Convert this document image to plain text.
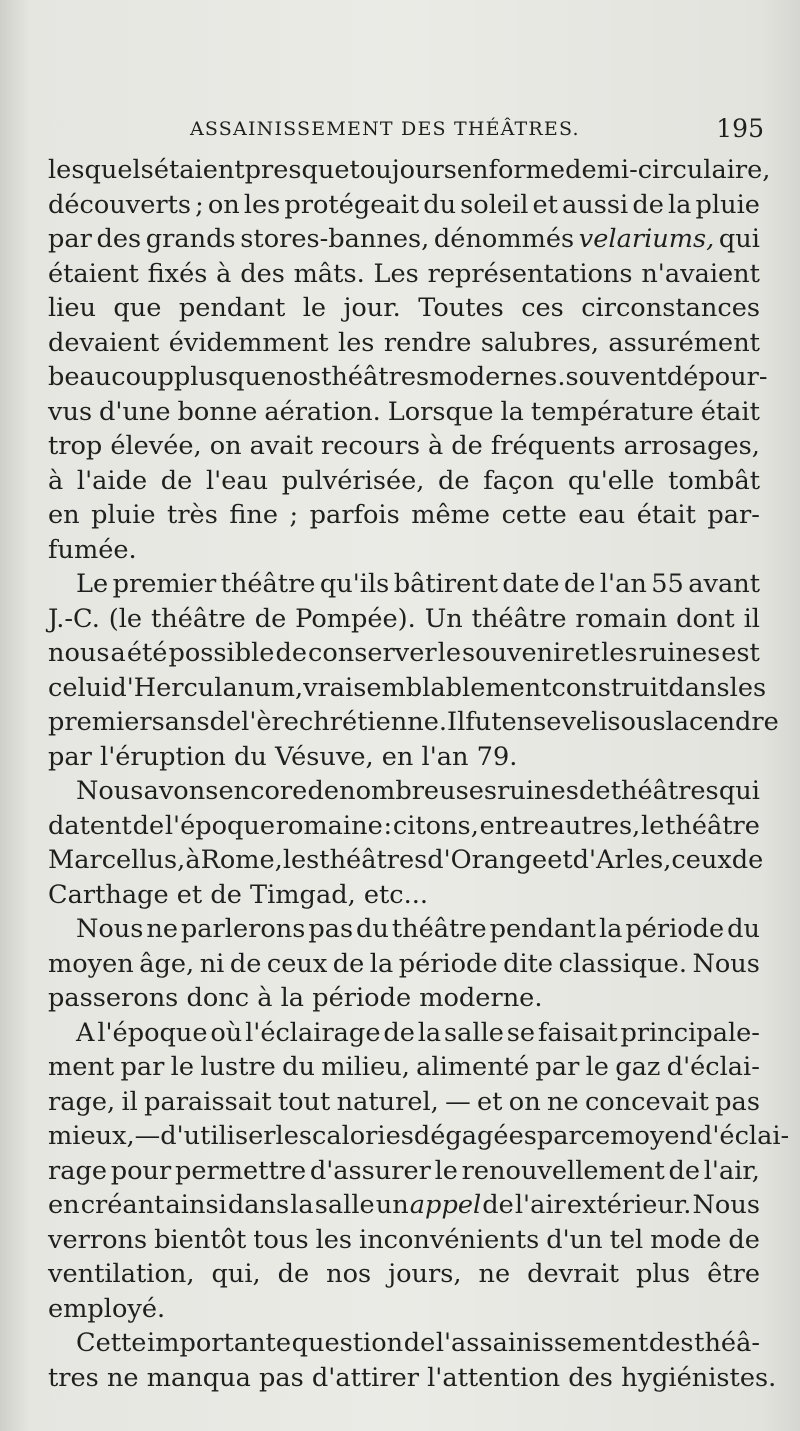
ASSAINISSEMENT DES THÉÂTRES.	195
lesquels étaient presque toujours en forme demi-circulaire,
découverts ; on les protégeait du soleil et aussi de la pluie
par des grands stores-bannes, dénommés velariums, qui
étaient fixés à des mâts. Les représentations n'avaient
lieu que pendant le jour. Toutes ces circonstances
devaient évidemment les rendre salubres, assurément
beaucoup plus que nos théâtres modernes. souvent dépour-
vus d'une bonne aération. Lorsque la température était
trop élevée, on avait recours à de fréquents arrosages,
à l'aide de l'eau pulvérisée, de façon qu'elle tombât
en pluie très fine ; parfois même cette eau était par-
fumée.
Le premier théâtre qu'ils bâtirent date de l'an 55 avant
J.-C. (le théâtre de Pompée). Un théâtre romain dont il
nous a été possible de conserver le souvenir et les ruines est
celui d'Herculanum, vraisemblablement construit dans les
premiers ans de l'ère chrétienne. Ilfutenseveli sous la cendre
par l'éruption du Vésuve, en l'an 79.
Nous avons encore de nombreuses ruines de théâtres qui
datent de l'époque romaine : citons, entre autres, le théâtre
Marcellus, à Rome, les théâtres d'Orange et d'Arles, ceux de
Carthage et de Timgad, etc...
Nous ne parlerons pas du théâtre pendant la période du
moyen âge, ni de ceux de la période dite classique. Nous
passerons donc à la période moderne.
A l'époque où l'éclairage de la salle se faisait principale-
ment par le lustre du milieu, alimenté par le gaz d'éclai-
rage, il paraissait tout naturel, — et on ne concevait pas
mieux, — d'utiliser les calories dégagées par ce moyen d'éclai-
rage pour permettre d'assurer le renouvellement de l'air,
en créant ainsi dans la salle un appel de l'air extérieur. Nous
verrons bientôt tous les inconvénients d'un tel mode de
ventilation, qui, de nos jours, ne devrait plus être
employé.
Cette importante question de l'assainissement des théâ-
tres ne manqua pas d'attirer l'attention des hygiénistes.
